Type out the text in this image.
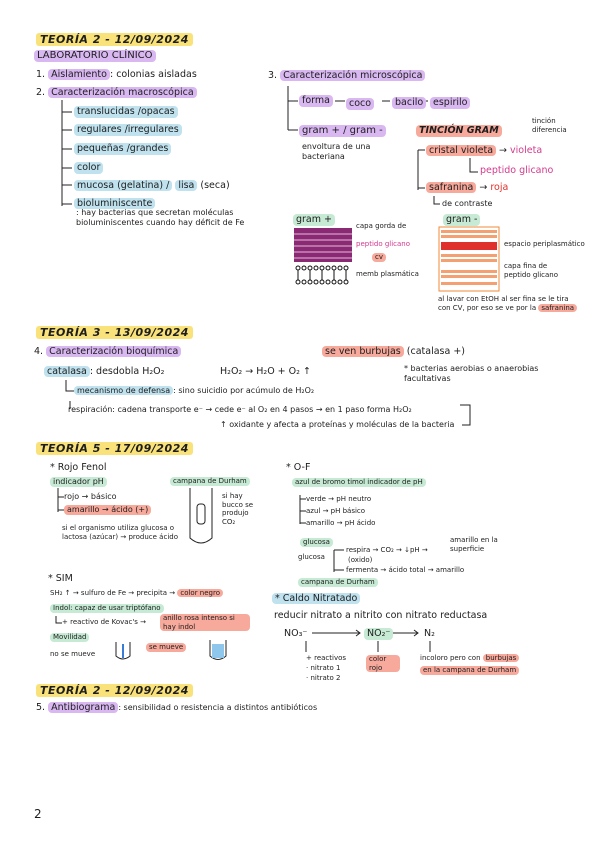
TEORÍA 2 - 12/09/2024
LABORATORIO CLÍNICO
1. Aislamiento : colonias aisladas
2. Caracterización macroscópica
translucidas /opacas
regulares /irregulares
pequeñas /grandes
color
mucosa (gelatina) / lisa (seca)
bioluminiscente
: hay bacterias que secretan moléculas bioluminiscentes cuando hay déficit de Fe
3. Caracterización microscópica
forma	coco	bacilo	espirilo
gram + / gram -
envoltura de una bacteriana
TINCIÓN GRAM
tinción diferencia
cristal violeta → violeta
peptido glicano
safranina → roja
de contraste
gram +
capa gorda de
peptido glicano
cv
memb plasmática
gram -
espacio periplasmático
capa fina de peptido glicano
al lavar con EtOH al ser fina se le tira con CV, por eso se ve por la safranina
TEORÍA 3 - 13/09/2024
4. Caracterización bioquímica	se ven burbujas (catalasa +)
catalasa : desdobla H₂O₂	H₂O₂ → H₂O + O₂ ↑	* bacterias aerobias o anaerobias facultativas
mecanismo de defensa : sino suicidio por acúmulo de H₂O₂
respiración: cadena transporte e⁻ → cede e⁻ al O₂ en 4 pasos → en 1 paso forma H₂O₂
↑ oxidante y afecta a proteínas y moléculas de la bacteria
TEORÍA 5 - 17/09/2024
* Rojo Fenol
indicador pH	campana de Durham
rojo → básico
amarillo → ácido (+)
si hay bucco se produjo CO₂
si el organismo utiliza glucosa o lactosa (azúcar) → produce ácido
* O-F
azul de bromo timol indicador de pH
verde → pH neutro
azul → pH básico
amarillo → pH ácido
glucosa
glucosa
respira → CO₂ → ↓pH →
(oxido)
amarillo en la superficie
fermenta → ácido total → amarillo
campana de Durham
* SIM
SH₂ ↑ → sulfuro de Fe → precipita → color negro
Indol: capaz de usar triptófano
+ reactivo de Kovac's →	anillo rosa intenso si hay indol
Movilidad
no se mueve
se mueve
* Caldo Nitratado
reducir nitrato a nitrito con nitrato reductasa
NO₃⁻	NO₂⁻	N₂
+ reactivos
· nitrato 1
· nitrato 2
color rojo
incoloro pero con burbujas
en la campana de Durham
TEORÍA 2 - 12/09/2024
5. Antibiograma : sensibilidad o resistencia a distintos antibióticos
2
